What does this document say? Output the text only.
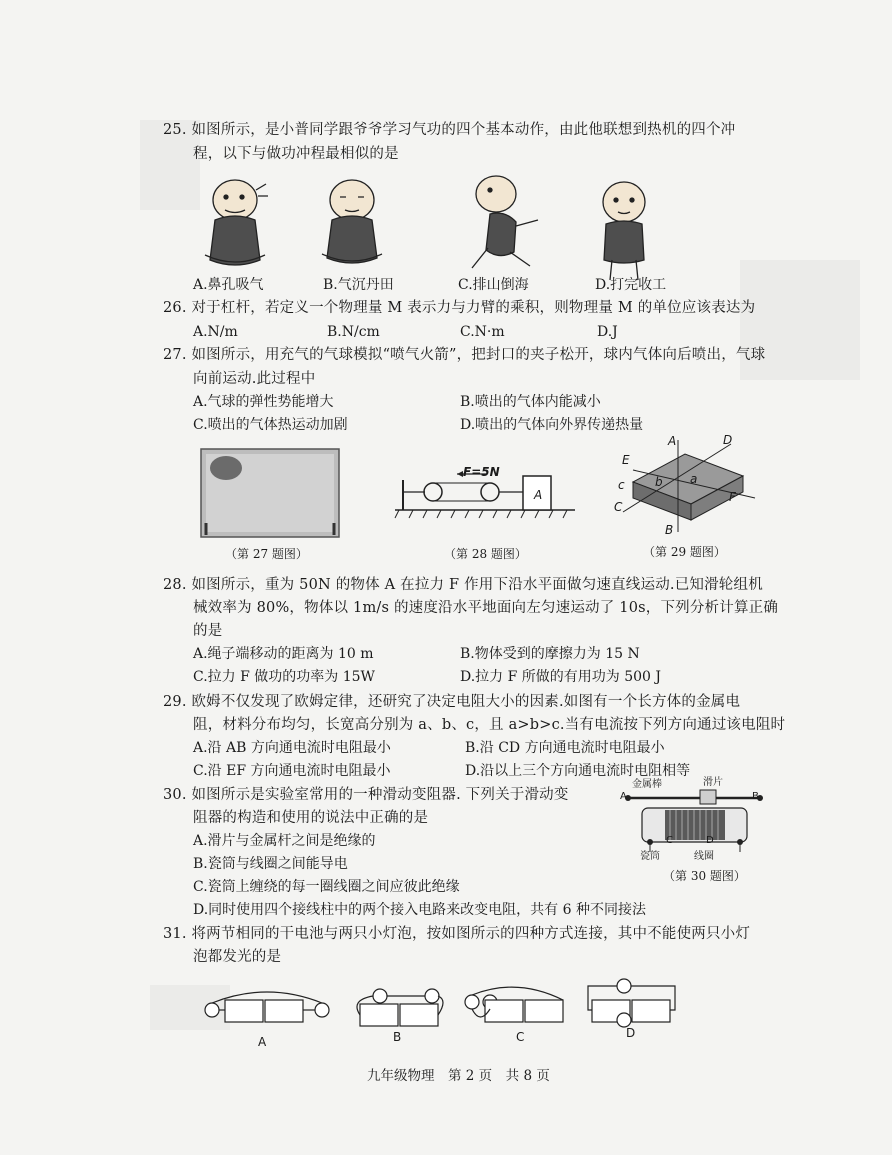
25. 如图所示，是小普同学跟爷爷学习气功的四个基本动作，由此他联想到热机的四个冲
程，以下与做功冲程最相似的是
A.鼻孔吸气	B.气沉丹田	C.排山倒海	D.打完收工
26. 对于杠杆，若定义一个物理量 M 表示力与力臂的乘积，则物理量 M 的单位应该表达为
A.N/m	B.N/cm	C.N·m	D.J
27. 如图所示，用充气的气球模拟“喷气火箭”，把封口的夹子松开，球内气体向后喷出，气球
向前运动.此过程中
A.气球的弹性势能增大	B.喷出的气体内能减小
C.喷出的气体热运动加剧	D.喷出的气体向外界传递热量
（第 27 题图）
F=5N
A
（第 28 题图）
A	D
E
c	b a
F
C
B
（第 29 题图）
28. 如图所示，重为 50N 的物体 A 在拉力 F 作用下沿水平面做匀速直线运动.已知滑轮组机
械效率为 80%，物体以 1m/s 的速度沿水平地面向左匀速运动了 10s，下列分析计算正确
的是
A.绳子端移动的距离为 10 m	B.物体受到的摩擦力为 15 N
C.拉力 F 做功的功率为 15W	D.拉力 F 所做的有用功为 500 J
29. 欧姆不仅发现了欧姆定律，还研究了决定电阻大小的因素.如图有一个长方体的金属电
阻，材料分布均匀，长宽高分别为 a、b、c，且 a>b>c.当有电流按下列方向通过该电阻时
A.沿 AB 方向通电流时电阻最小	B.沿 CD 方向通电流时电阻最小
C.沿 EF 方向通电流时电阻最小	D.沿以上三个方向通电流时电阻相等
30. 如图所示是实验室常用的一种滑动变阻器. 下列关于滑动变
阻器的构造和使用的说法中正确的是
A.滑片与金属杆之间是绝缘的
B.瓷筒与线圈之间能导电
C.瓷筒上缠绕的每一圈线圈之间应彼此绝缘
D.同时使用四个接线柱中的两个接入电路来改变电阻，共有 6 种不同接法
金属棒	滑片
A	B
C	D
瓷筒	线圈
（第 30 题图）
31. 将两节相同的干电池与两只小灯泡，按如图所示的四种方式连接，其中不能使两只小灯
泡都发光的是
A	B	C	D
九年级物理　第 2 页　共 8 页
